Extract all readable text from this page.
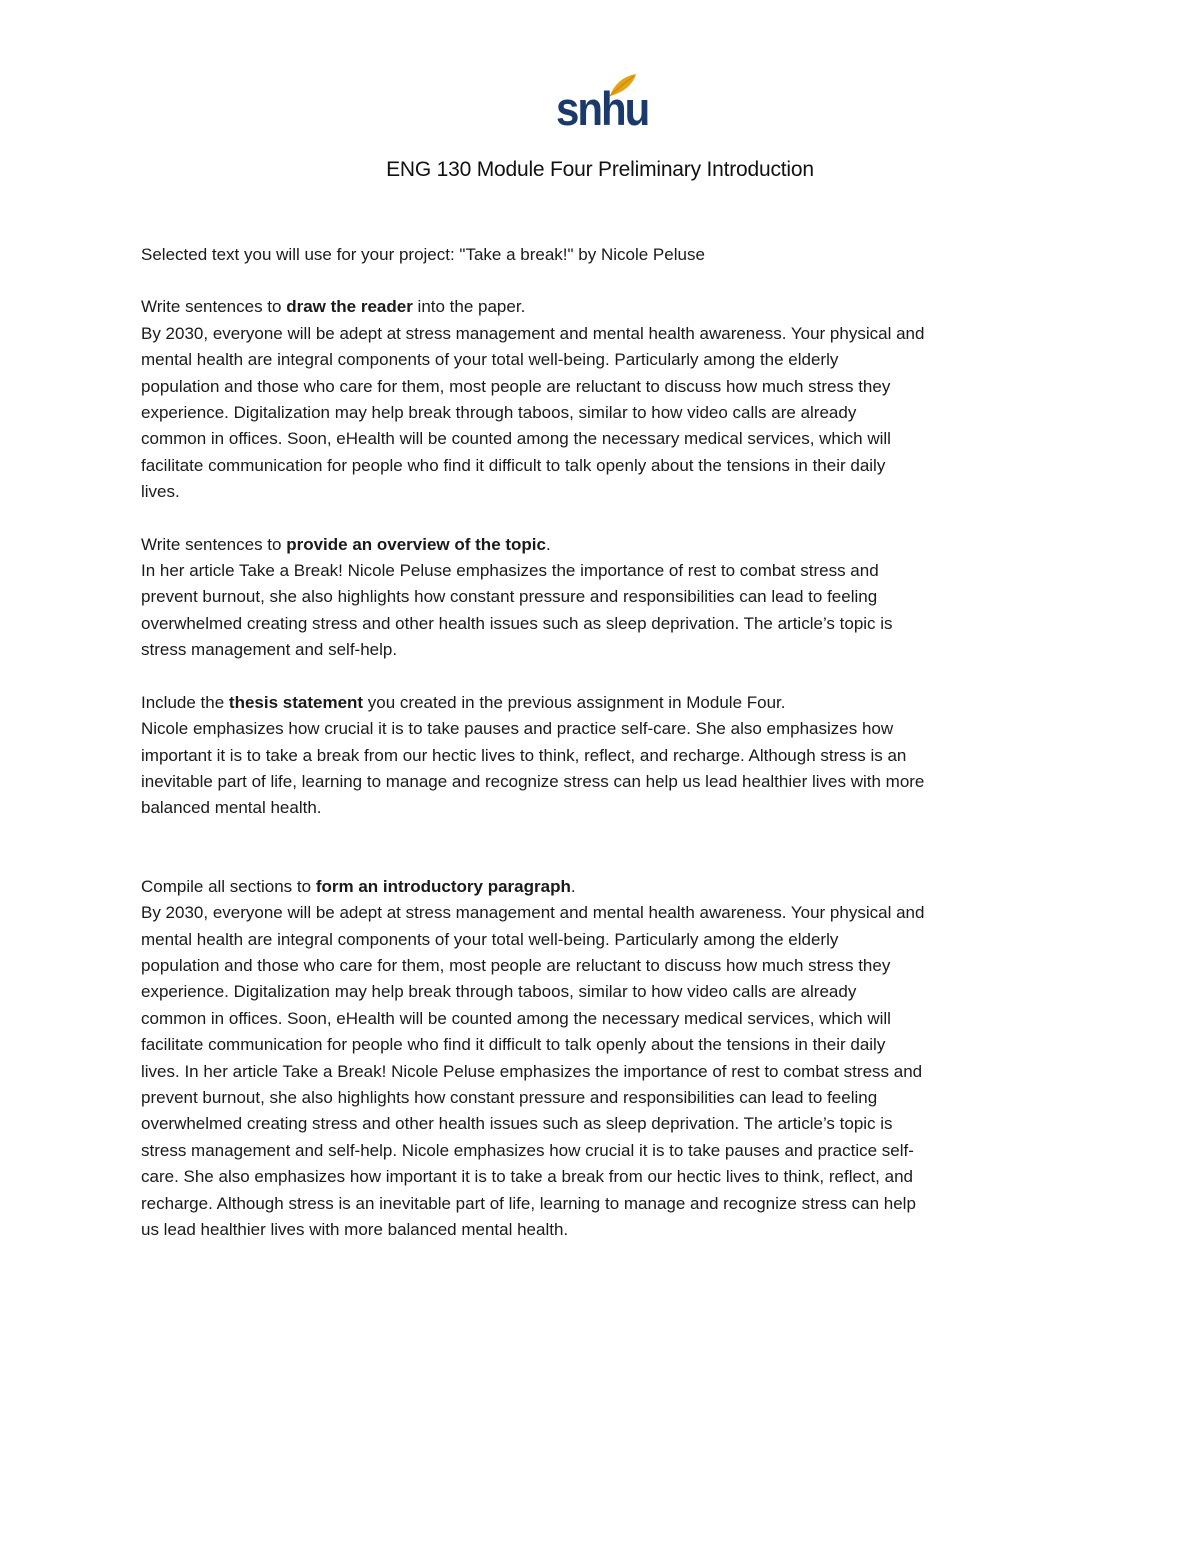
snhu
ENG 130 Module Four Preliminary Introduction

Selected text you will use for your project: "Take a break!" by Nicole Peluse

Write sentences to draw the reader into the paper.

By 2030, everyone will be adept at stress management and mental health awareness. Your physical and
mental health are integral components of your total well-being. Particularly among the elderly
population and those who care for them, most people are reluctant to discuss how much stress they
experience. Digitalization may help break through taboos, similar to how video calls are already
common in offices. Soon, eHealth will be counted among the necessary medical services, which will
facilitate communication for people who find it difficult to talk openly about the tensions in their daily
lives.

Write sentences to provide an overview of the topic.

In her article Take a Break! Nicole Peluse emphasizes the importance of rest to combat stress and
prevent burnout, she also highlights how constant pressure and responsibilities can lead to feeling
overwhelmed creating stress and other health issues such as sleep deprivation. The article’s topic is
stress management and self-help.

Include the thesis statement you created in the previous assignment in Module Four.

Nicole emphasizes how crucial it is to take pauses and practice self-care. She also emphasizes how
important it is to take a break from our hectic lives to think, reflect, and recharge. Although stress is an
inevitable part of life, learning to manage and recognize stress can help us lead healthier lives with more
balanced mental health.

Compile all sections to form an introductory paragraph.

By 2030, everyone will be adept at stress management and mental health awareness. Your physical and
mental health are integral components of your total well-being. Particularly among the elderly
population and those who care for them, most people are reluctant to discuss how much stress they
experience. Digitalization may help break through taboos, similar to how video calls are already
common in offices. Soon, eHealth will be counted among the necessary medical services, which will
facilitate communication for people who find it difficult to talk openly about the tensions in their daily
lives. In her article Take a Break! Nicole Peluse emphasizes the importance of rest to combat stress and
prevent burnout, she also highlights how constant pressure and responsibilities can lead to feeling
overwhelmed creating stress and other health issues such as sleep deprivation. The article’s topic is
stress management and self-help. Nicole emphasizes how crucial it is to take pauses and practice self-
care. She also emphasizes how important it is to take a break from our hectic lives to think, reflect, and
recharge. Although stress is an inevitable part of life, learning to manage and recognize stress can help
us lead healthier lives with more balanced mental health.
